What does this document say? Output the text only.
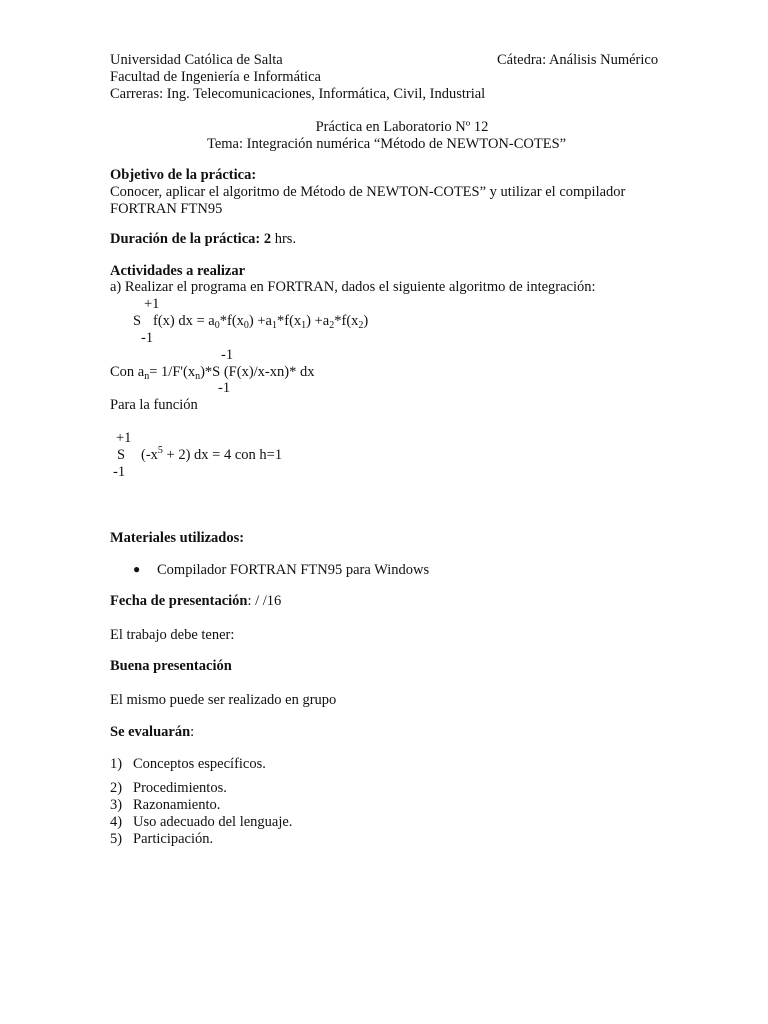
Universidad Católica de Salta	Cátedra: Análisis Numérico
Facultad de Ingeniería e Informática
Carreras: Ing. Telecomunicaciones, Informática, Civil, Industrial
Práctica en Laboratorio Nº 12
Tema: Integración numérica “Método de NEWTON-COTES”
Objetivo de la práctica:
Conocer, aplicar el algoritmo de Método de NEWTON-COTES” y utilizar el compilador
FORTRAN FTN95
Duración de la práctica: 2 hrs.
Actividades a realizar
a) Realizar el programa en FORTRAN, dados el siguiente algoritmo de integración:
+1
S f(x) dx = $a_0*f(x_0) +a_1*f(x_1) +a_2*f(x_2)$
-1
-1
Con $a_n= 1/F'(x_n)*S$ (F(x)/x-xn)* dx
-1
Para la función
+1
S $(-x^5 + 2)$ dx = 4 con h=1
-1
Materiales utilizados:
● Compilador FORTRAN FTN95 para Windows
Fecha de presentación: / /16
El trabajo debe tener:
Buena presentación
El mismo puede ser realizado en grupo
Se evaluarán:
1) Conceptos específicos.
2) Procedimientos.
3) Razonamiento.
4) Uso adecuado del lenguaje.
5) Participación.
